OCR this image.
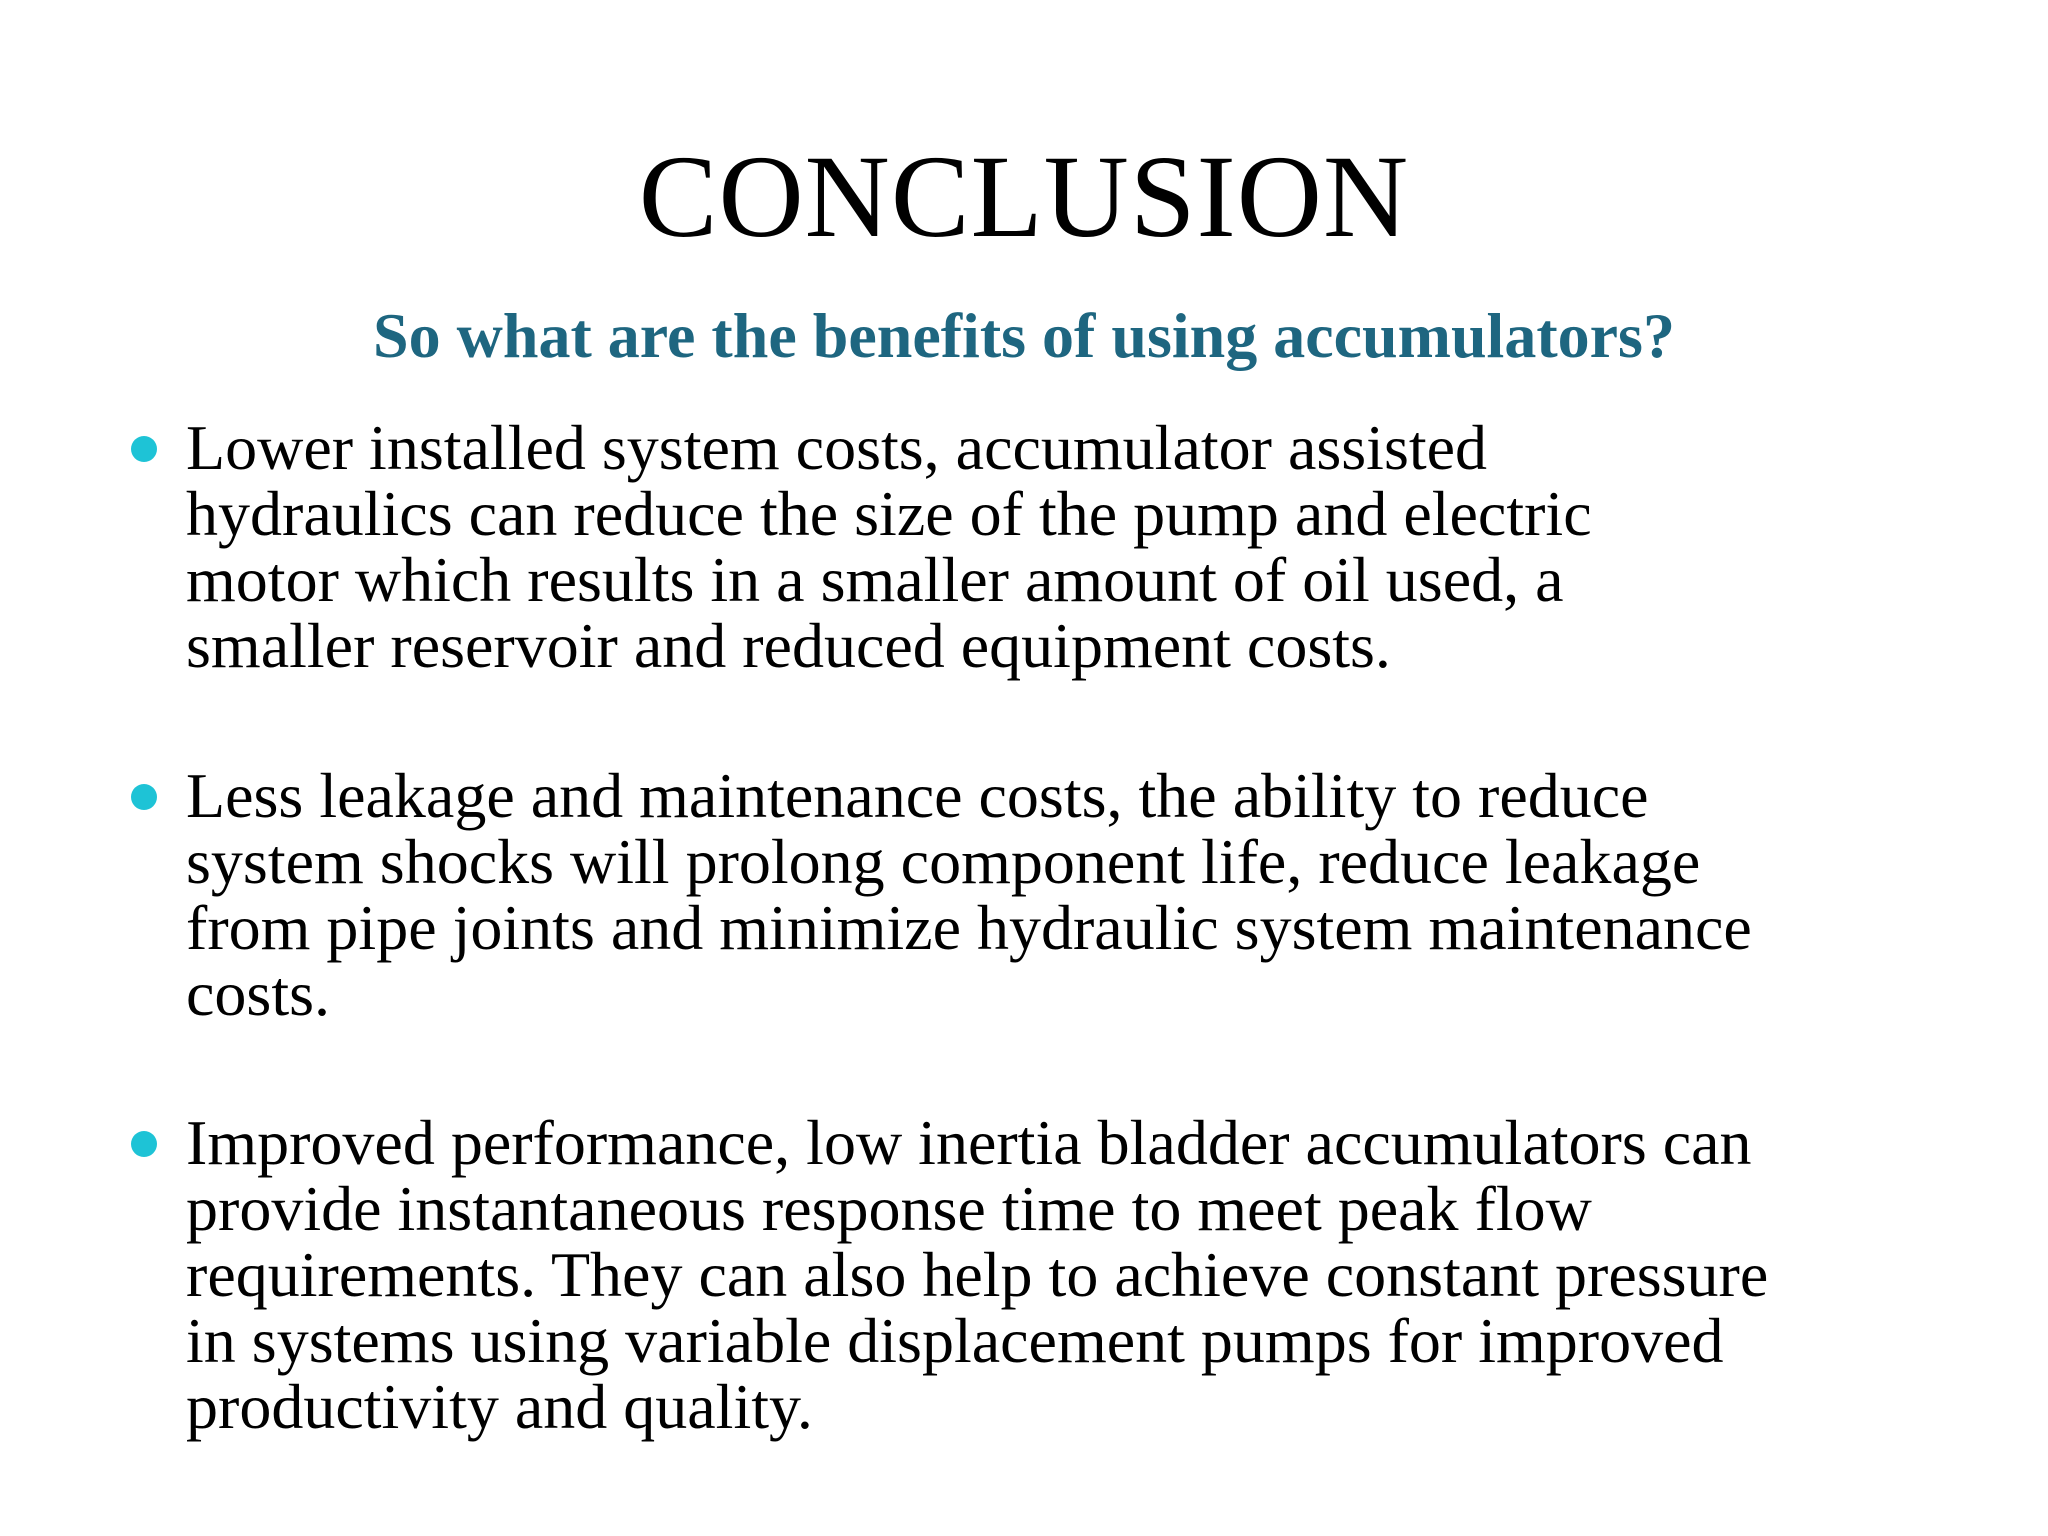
CONCLUSION
So what are the benefits of using accumulators?
Lower installed system costs, accumulator assisted
hydraulics can reduce the size of the pump and electric
motor which results in a smaller amount of oil used, a
smaller reservoir and reduced equipment costs.
Less leakage and maintenance costs, the ability to reduce
system shocks will prolong component life, reduce leakage
from pipe joints and minimize hydraulic system maintenance
costs.
Improved performance, low inertia bladder accumulators can
provide instantaneous response time to meet peak flow
requirements. They can also help to achieve constant pressure
in systems using variable displacement pumps for improved
productivity and quality.
